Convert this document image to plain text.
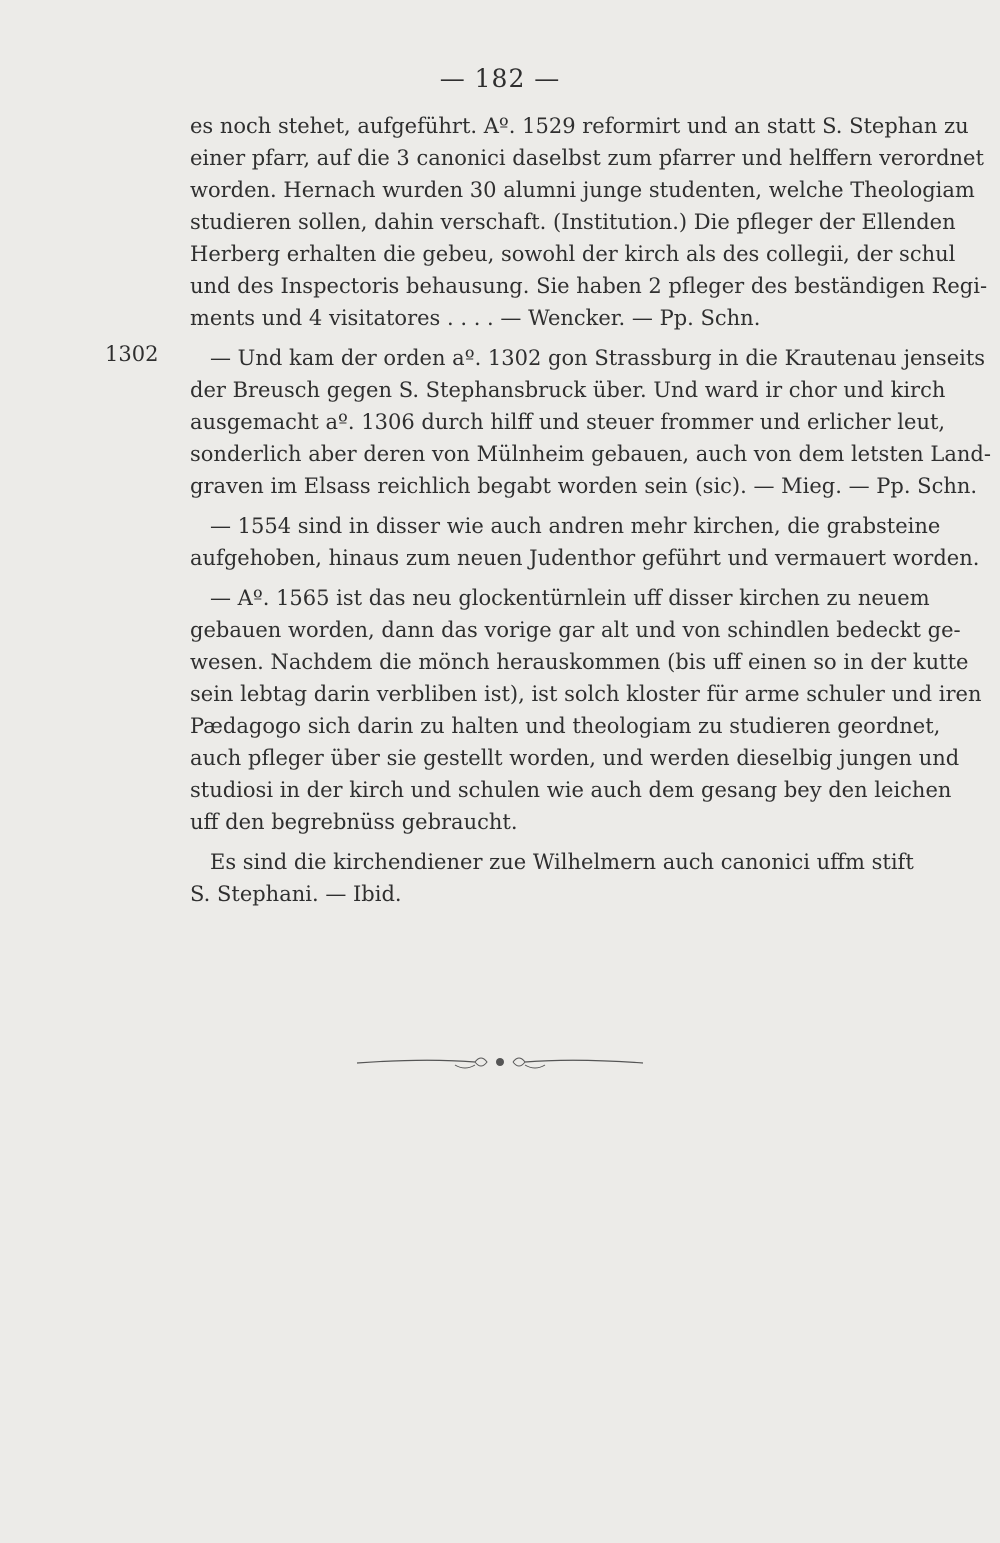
— 182 —
1302
es noch stehet, aufgeführt. Aº. 1529 reformirt und an statt S. Stephan zu
einer pfarr, auf die 3 canonici daselbst zum pfarrer und helffern verordnet
worden. Hernach wurden 30 alumni junge studenten, welche Theologiam
studieren sollen, dahin verschaft. (Institution.) Die pfleger der Ellenden
Herberg erhalten die gebeu, sowohl der kirch als des collegii, der schul
und des Inspectoris behausung. Sie haben 2 pfleger des beständigen Regi-
ments und 4 visitatores . . . . — Wencker. — Pp. Schn.
— Und kam der orden aº. 1302 gon Strassburg in die Krautenau jenseits
der Breusch gegen S. Stephansbruck über. Und ward ir chor und kirch
ausgemacht aº. 1306 durch hilff und steuer frommer und erlicher leut,
sonderlich aber deren von Mülnheim gebauen, auch von dem letsten Land-
graven im Elsass reichlich begabt worden sein (sic). — Mieg. — Pp. Schn.
— 1554 sind in disser wie auch andren mehr kirchen, die grabsteine
aufgehoben, hinaus zum neuen Judenthor geführt und vermauert worden.
— Aº. 1565 ist das neu glockentürnlein uff disser kirchen zu neuem
gebauen worden, dann das vorige gar alt und von schindlen bedeckt ge-
wesen. Nachdem die mönch herauskommen (bis uff einen so in der kutte
sein lebtag darin verbliben ist), ist solch kloster für arme schuler und iren
Pædagogo sich darin zu halten und theologiam zu studieren geordnet,
auch pfleger über sie gestellt worden, und werden dieselbig jungen und
studiosi in der kirch und schulen wie auch dem gesang bey den leichen
uff den begrebnüss gebraucht.
Es sind die kirchendiener zue Wilhelmern auch canonici uffm stift
S. Stephani. — Ibid.
